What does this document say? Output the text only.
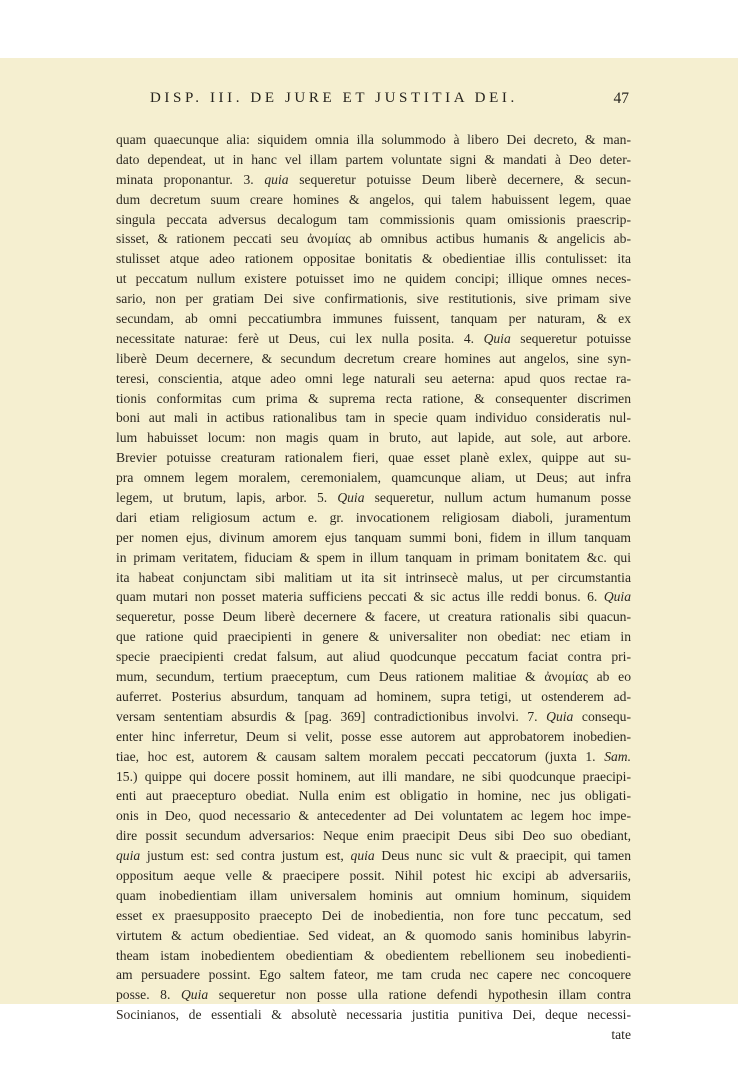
DISP. III. DE JURE ET JUSTITIA DEI.	47
quam quaecunque alia: siquidem omnia illa solummodo à libero Dei decreto, & man-
dato dependeat, ut in hanc vel illam partem voluntate signi & mandati à Deo deter-
minata proponantur. 3. quia sequeretur potuisse Deum liberè decernere, & secun-
dum decretum suum creare homines & angelos, qui talem habuissent legem, quae
singula peccata adversus decalogum tam commissionis quam omissionis praescrip-
sisset, & rationem peccati seu ἀνομίας ab omnibus actibus humanis & angelicis ab-
stulisset atque adeo rationem oppositae bonitatis & obedientiae illis contulisset: ita
ut peccatum nullum existere potuisset imo ne quidem concipi; illique omnes neces-
sario, non per gratiam Dei sive confirmationis, sive restitutionis, sive primam sive
secundam, ab omni peccatiumbra immunes fuissent, tanquam per naturam, & ex
necessitate naturae: ferè ut Deus, cui lex nulla posita. 4. Quia sequeretur potuisse
liberè Deum decernere, & secundum decretum creare homines aut angelos, sine syn-
teresi, conscientia, atque adeo omni lege naturali seu aeterna: apud quos rectae ra-
tionis conformitas cum prima & suprema recta ratione, & consequenter discrimen
boni aut mali in actibus rationalibus tam in specie quam individuo consideratis nul-
lum habuisset locum: non magis quam in bruto, aut lapide, aut sole, aut arbore.
Brevier potuisse creaturam rationalem fieri, quae esset planè exlex, quippe aut su-
pra omnem legem moralem, ceremonialem, quamcunque aliam, ut Deus; aut infra
legem, ut brutum, lapis, arbor. 5. Quia sequeretur, nullum actum humanum posse
dari etiam religiosum actum e. gr. invocationem religiosam diaboli, juramentum
per nomen ejus, divinum amorem ejus tanquam summi boni, fidem in illum tanquam
in primam veritatem, fiduciam & spem in illum tanquam in primam bonitatem &c. qui
ita habeat conjunctam sibi malitiam ut ita sit intrinsecè malus, ut per circumstantia
quam mutari non posset materia sufficiens peccati & sic actus ille reddi bonus. 6. Quia
sequeretur, posse Deum liberè decernere & facere, ut creatura rationalis sibi quacun-
que ratione quid praecipienti in genere & universaliter non obediat: nec etiam in
specie praecipienti credat falsum, aut aliud quodcunque peccatum faciat contra pri-
mum, secundum, tertium praeceptum, cum Deus rationem malitiae & ἀνομίας ab eo
auferret. Posterius absurdum, tanquam ad hominem, supra tetigi, ut ostenderem ad-
versam sententiam absurdis & [pag. 369] contradictionibus involvi. 7. Quia consequ-
enter hinc inferretur, Deum si velit, posse esse autorem aut approbatorem inobedien-
tiae, hoc est, autorem & causam saltem moralem peccati peccatorum (juxta 1. Sam.
15.) quippe qui docere possit hominem, aut illi mandare, ne sibi quodcunque praecipi-
enti aut praecepturo obediat. Nulla enim est obligatio in homine, nec jus obligati-
onis in Deo, quod necessario & antecedenter ad Dei voluntatem ac legem hoc impe-
dire possit secundum adversarios: Neque enim praecipit Deus sibi Deo suo obediant,
quia justum est: sed contra justum est, quia Deus nunc sic vult & praecipit, qui tamen
oppositum aeque velle & praecipere possit. Nihil potest hic excipi ab adversariis,
quam inobedientiam illam universalem hominis aut omnium hominum, siquidem
esset ex praesupposito praecepto Dei de inobedientia, non fore tunc peccatum, sed
virtutem & actum obedientiae. Sed videat, an & quomodo sanis hominibus labyrin-
theam istam inobedientem obedientiam & obedientem rebellionem seu inobedienti-
am persuadere possint. Ego saltem fateor, me tam cruda nec capere nec concoquere
posse. 8. Quia sequeretur non posse ulla ratione defendi hypothesin illam contra
Socinianos, de essentiali & absolutè necessaria justitia punitiva Dei, deque necessi-
tate
